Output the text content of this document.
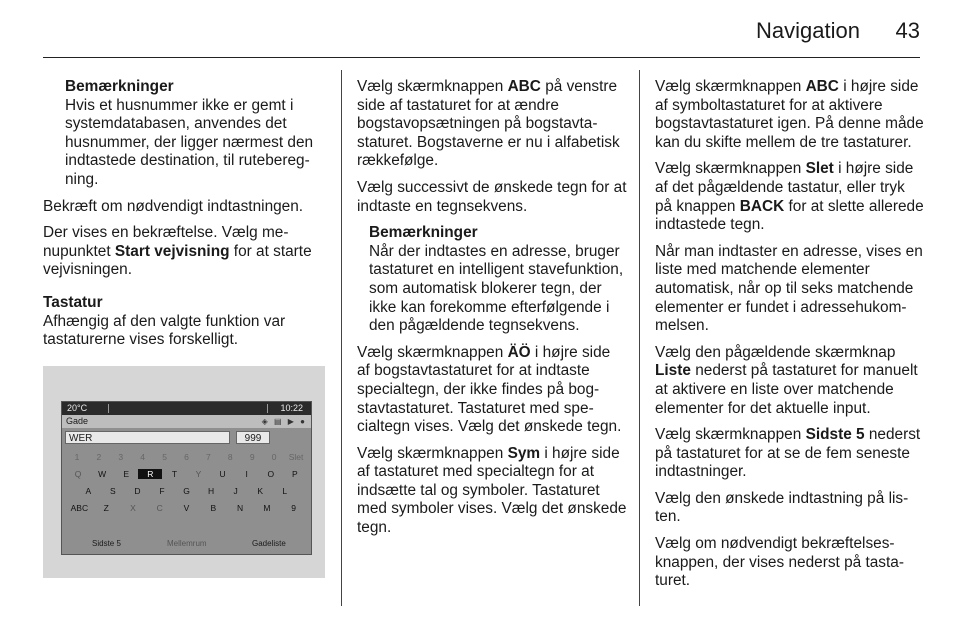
Navigation	43
Bemærkninger
Hvis et husnummer ikke er gemt i systemdatabasen, anvendes det husnummer, der ligger nærmest den indtastede destination, til ruteberegning.

Bekræft om nødvendigt indtastningen.

Der vises en bekræftelse. Vælg menupunktet Start vejvisning for at starte vejvisningen.

Tastatur

Afhængig af den valgte funktion var tastaturerne vises forskelligt.

20°C	10:22
Gade	◈ ▤ ▶ ●
WER	999
1	2	3	4	5	6	7	8	9	0	Slet
Q	W	E	R	T	Y	U	I	O	P
A	S	D	F	G	H	J	K	L
ABC	Z	X	C	V	B	N	M	9
Sidste 5	Mellemrum	Gadeliste

Vælg skærmknappen ABC på venstre side af tastaturet for at ændre bogstavopsætningen på bogstavtastaturet. Bogstaverne er nu i alfabetisk rækkefølge.

Vælg successivt de ønskede tegn for at indtaste en tegnsekvens.

Bemærkninger
Når der indtastes en adresse, bruger tastaturet en intelligent stavefunktion, som automatisk blokerer tegn, der ikke kan forekomme efterfølgende i den pågældende tegnsekvens.

Vælg skærmknappen ÄÖ i højre side af bogstavtastaturet for at indtaste specialtegn, der ikke findes på bogstavtastaturet. Tastaturet med specialtegn vises. Vælg det ønskede tegn.

Vælg skærmknappen Sym i højre side af tastaturet med specialtegn for at indsætte tal og symboler. Tastaturet med symboler vises. Vælg det ønskede tegn.

Vælg skærmknappen ABC i højre side af symboltastaturet for at aktivere bogstavtastaturet igen. På denne måde kan du skifte mellem de tre tastaturer.

Vælg skærmknappen Slet i højre side af det pågældende tastatur, eller tryk på knappen BACK for at slette allerede indtastede tegn.

Når man indtaster en adresse, vises en liste med matchende elementer automatisk, når op til seks matchende elementer er fundet i adressehukommelsen.

Vælg den pågældende skærmknap Liste nederst på tastaturet for manuelt at aktivere en liste over matchende elementer for det aktuelle input.

Vælg skærmknappen Sidste 5 nederst på tastaturet for at se de fem seneste indtastninger.

Vælg den ønskede indtastning på listen.

Vælg om nødvendigt bekræftelsesknappen, der vises nederst på tastaturet.
